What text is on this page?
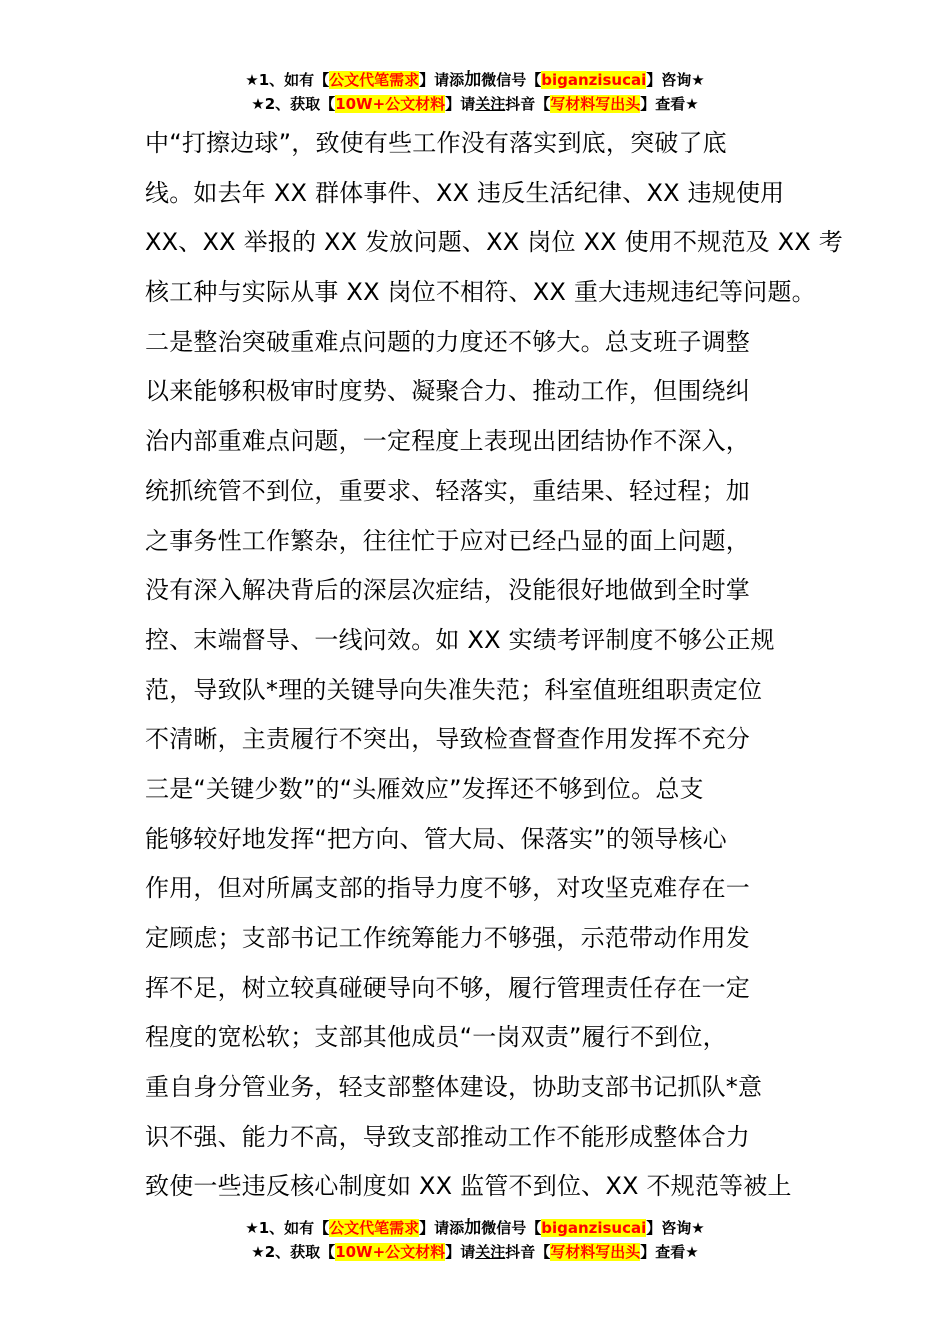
★1、如有【公文代笔需求】请添加微信号【biganzisucai】咨询★
★2、获取【10W+公文材料】请关注抖音【写材料写出头】查看★
中“打擦边球”，致使有些工作没有落实到底，突破了底
线。如去年 XX 群体事件、XX 违反生活纪律、XX 违规使用
XX、XX 举报的 XX 发放问题、XX 岗位 XX 使用不规范及 XX 考
核工种与实际从事 XX 岗位不相符、XX 重大违规违纪等问题。
二是整治突破重难点问题的力度还不够大。总支班子调整
以来能够积极审时度势、凝聚合力、推动工作，但围绕纠
治内部重难点问题，一定程度上表现出团结协作不深入，
统抓统管不到位，重要求、轻落实，重结果、轻过程；加
之事务性工作繁杂，往往忙于应对已经凸显的面上问题，
没有深入解决背后的深层次症结，没能很好地做到全时掌
控、末端督导、一线问效。如 XX 实绩考评制度不够公正规
范，导致队*理的关键导向失准失范；科室值班组职责定位
不清晰，主责履行不突出，导致检查督查作用发挥不充分
三是“关键少数”的“头雁效应”发挥还不够到位。总支
能够较好地发挥“把方向、管大局、保落实”的领导核心
作用，但对所属支部的指导力度不够，对攻坚克难存在一
定顾虑；支部书记工作统筹能力不够强，示范带动作用发
挥不足，树立较真碰硬导向不够，履行管理责任存在一定
程度的宽松软；支部其他成员“一岗双责”履行不到位，
重自身分管业务，轻支部整体建设，协助支部书记抓队*意
识不强、能力不高，导致支部推动工作不能形成整体合力
致使一些违反核心制度如 XX 监管不到位、XX 不规范等被上
★1、如有【公文代笔需求】请添加微信号【biganzisucai】咨询★
★2、获取【10W+公文材料】请关注抖音【写材料写出头】查看★
